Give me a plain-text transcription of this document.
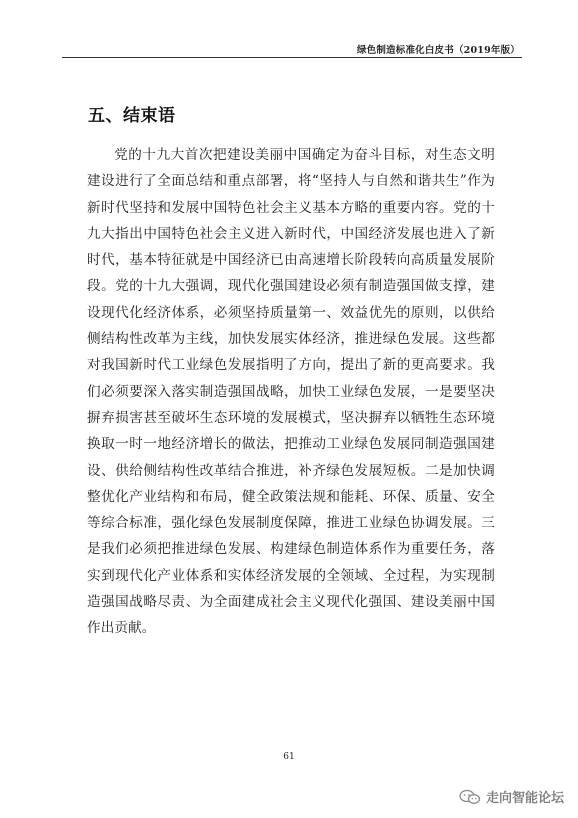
绿色制造标准化白皮书（2019年版）
五、结束语

党的十九大首次把建设美丽中国确定为奋斗目标，对生态文明建设进行了全面总结和重点部署，将“坚持人与自然和谐共生”作为新时代坚持和发展中国特色社会主义基本方略的重要内容。党的十九大指出中国特色社会主义进入新时代，中国经济发展也进入了新时代，基本特征就是中国经济已由高速增长阶段转向高质量发展阶段。党的十九大强调，现代化强国建设必须有制造强国做支撑，建设现代化经济体系，必须坚持质量第一、效益优先的原则，以供给侧结构性改革为主线，加快发展实体经济，推进绿色发展。这些都对我国新时代工业绿色发展指明了方向，提出了新的更高要求。我们必须要深入落实制造强国战略，加快工业绿色发展，一是要坚决摒弃损害甚至破坏生态环境的发展模式，坚决摒弃以牺牲生态环境换取一时一地经济增长的做法，把推动工业绿色发展同制造强国建设、供给侧结构性改革结合推进，补齐绿色发展短板。二是加快调整优化产业结构和布局，健全政策法规和能耗、环保、质量、安全等综合标准，强化绿色发展制度保障，推进工业绿色协调发展。三是我们必须把推进绿色发展、构建绿色制造体系作为重要任务，落实到现代化产业体系和实体经济发展的全领域、全过程，为实现制造强国战略尽责、为全面建成社会主义现代化强国、建设美丽中国作出贡献。

61
走向智能论坛
